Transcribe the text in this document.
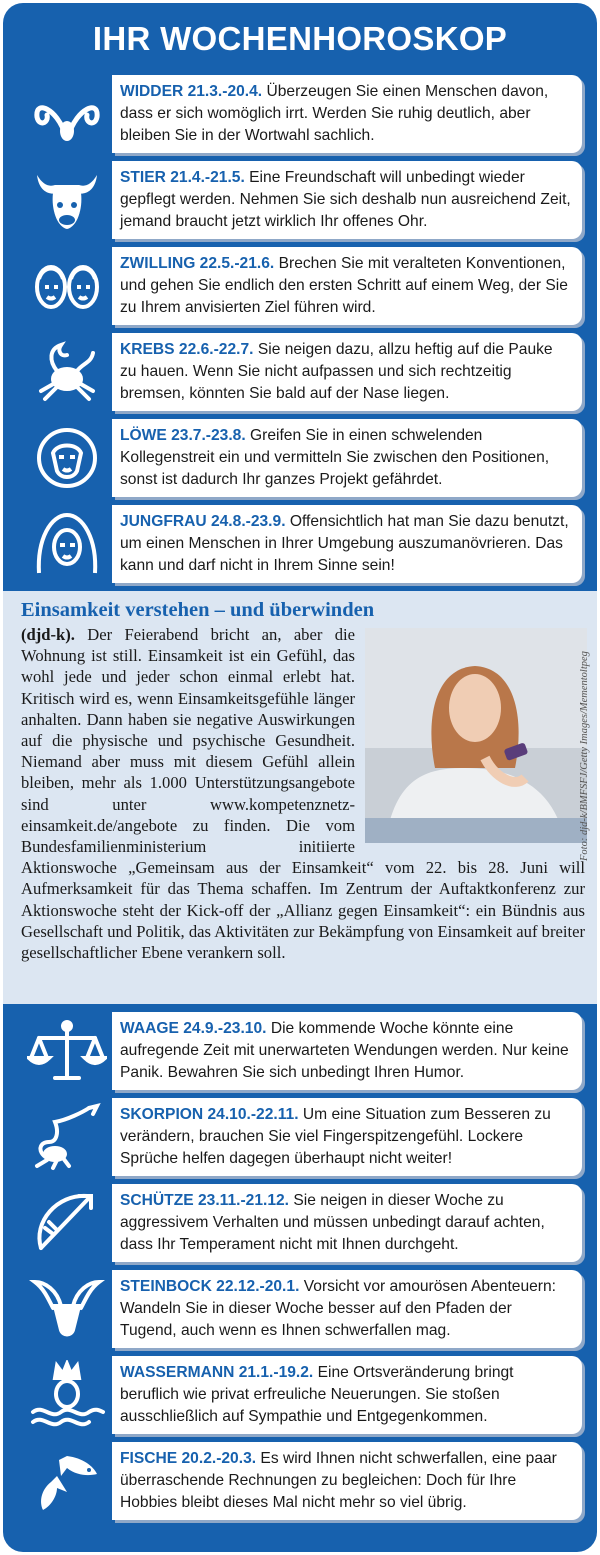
IHR WOCHENHOROSKOP
WIDDER 21.3.-20.4. Überzeugen Sie einen Menschen davon, dass er sich womöglich irrt. Werden Sie ruhig deutlich, aber bleiben Sie in der Wortwahl sachlich.
STIER 21.4.-21.5. Eine Freundschaft will unbedingt wieder gepflegt werden. Nehmen Sie sich deshalb nun ausreichend Zeit, jemand braucht jetzt wirklich Ihr offenes Ohr.
ZWILLING 22.5.-21.6. Brechen Sie mit veralteten Konventionen, und gehen Sie endlich den ersten Schritt auf einem Weg, der Sie zu Ihrem anvisierten Ziel führen wird.
KREBS 22.6.-22.7. Sie neigen dazu, allzu heftig auf die Pauke zu hauen. Wenn Sie nicht aufpassen und sich rechtzeitig bremsen, könnten Sie bald auf der Nase liegen.
LÖWE 23.7.-23.8. Greifen Sie in einen schwelenden Kollegenstreit ein und vermitteln Sie zwischen den Positionen, sonst ist dadurch Ihr ganzes Projekt gefährdet.
JUNGFRAU 24.8.-23.9. Offensichtlich hat man Sie dazu benutzt, um einen Menschen in Ihrer Umgebung auszumanövrieren. Das kann und darf nicht in Ihrem Sinne sein!
Einsamkeit verstehen – und überwinden
(djd-k). Der Feierabend bricht an, aber die Wohnung ist still. Einsamkeit ist ein Gefühl, das wohl jede und jeder schon einmal erlebt hat. Kritisch wird es, wenn Einsamkeitsgefühle länger anhalten. Dann haben sie negative Auswirkungen auf die physische und psychische Gesundheit. Niemand aber muss mit diesem Gefühl allein bleiben, mehr als 1.000 Unterstützungsangebote sind unter www.kompetenznetz-einsamkeit.de/angebote zu finden. Die vom Bundesfamilienministerium initiierte Aktionswoche „Gemeinsam aus der Einsamkeit“ vom 22. bis 28. Juni will Aufmerksamkeit für das Thema schaffen. Im Zentrum der Auftaktkonferenz zur Aktionswoche steht der Kick-off der „Allianz gegen Einsamkeit“: ein Bündnis aus Gesellschaft und Politik, das Aktivitäten zur Bekämpfung von Einsamkeit auf breiter gesellschaftlicher Ebene verankern soll.
Foto: djd-k/BMFSFJ/Getty Images/Mementoltpeg
WAAGE 24.9.-23.10. Die kommende Woche könnte eine aufregende Zeit mit unerwarteten Wendungen werden. Nur keine Panik. Bewahren Sie sich unbedingt Ihren Humor.
SKORPION 24.10.-22.11. Um eine Situation zum Besseren zu verändern, brauchen Sie viel Fingerspitzengefühl. Lockere Sprüche helfen dagegen überhaupt nicht weiter!
SCHÜTZE 23.11.-21.12. Sie neigen in dieser Woche zu aggressivem Verhalten und müssen unbedingt darauf achten, dass Ihr Temperament nicht mit Ihnen durchgeht.
STEINBOCK 22.12.-20.1. Vorsicht vor amourösen Abenteuern: Wandeln Sie in dieser Woche besser auf den Pfaden der Tugend, auch wenn es Ihnen schwerfallen mag.
WASSERMANN 21.1.-19.2. Eine Ortsveränderung bringt beruflich wie privat erfreuliche Neuerungen. Sie stoßen ausschließlich auf Sympathie und Entgegenkommen.
FISCHE 20.2.-20.3. Es wird Ihnen nicht schwerfallen, eine paar überraschende Rechnungen zu begleichen: Doch für Ihre Hobbies bleibt dieses Mal nicht mehr so viel übrig.
